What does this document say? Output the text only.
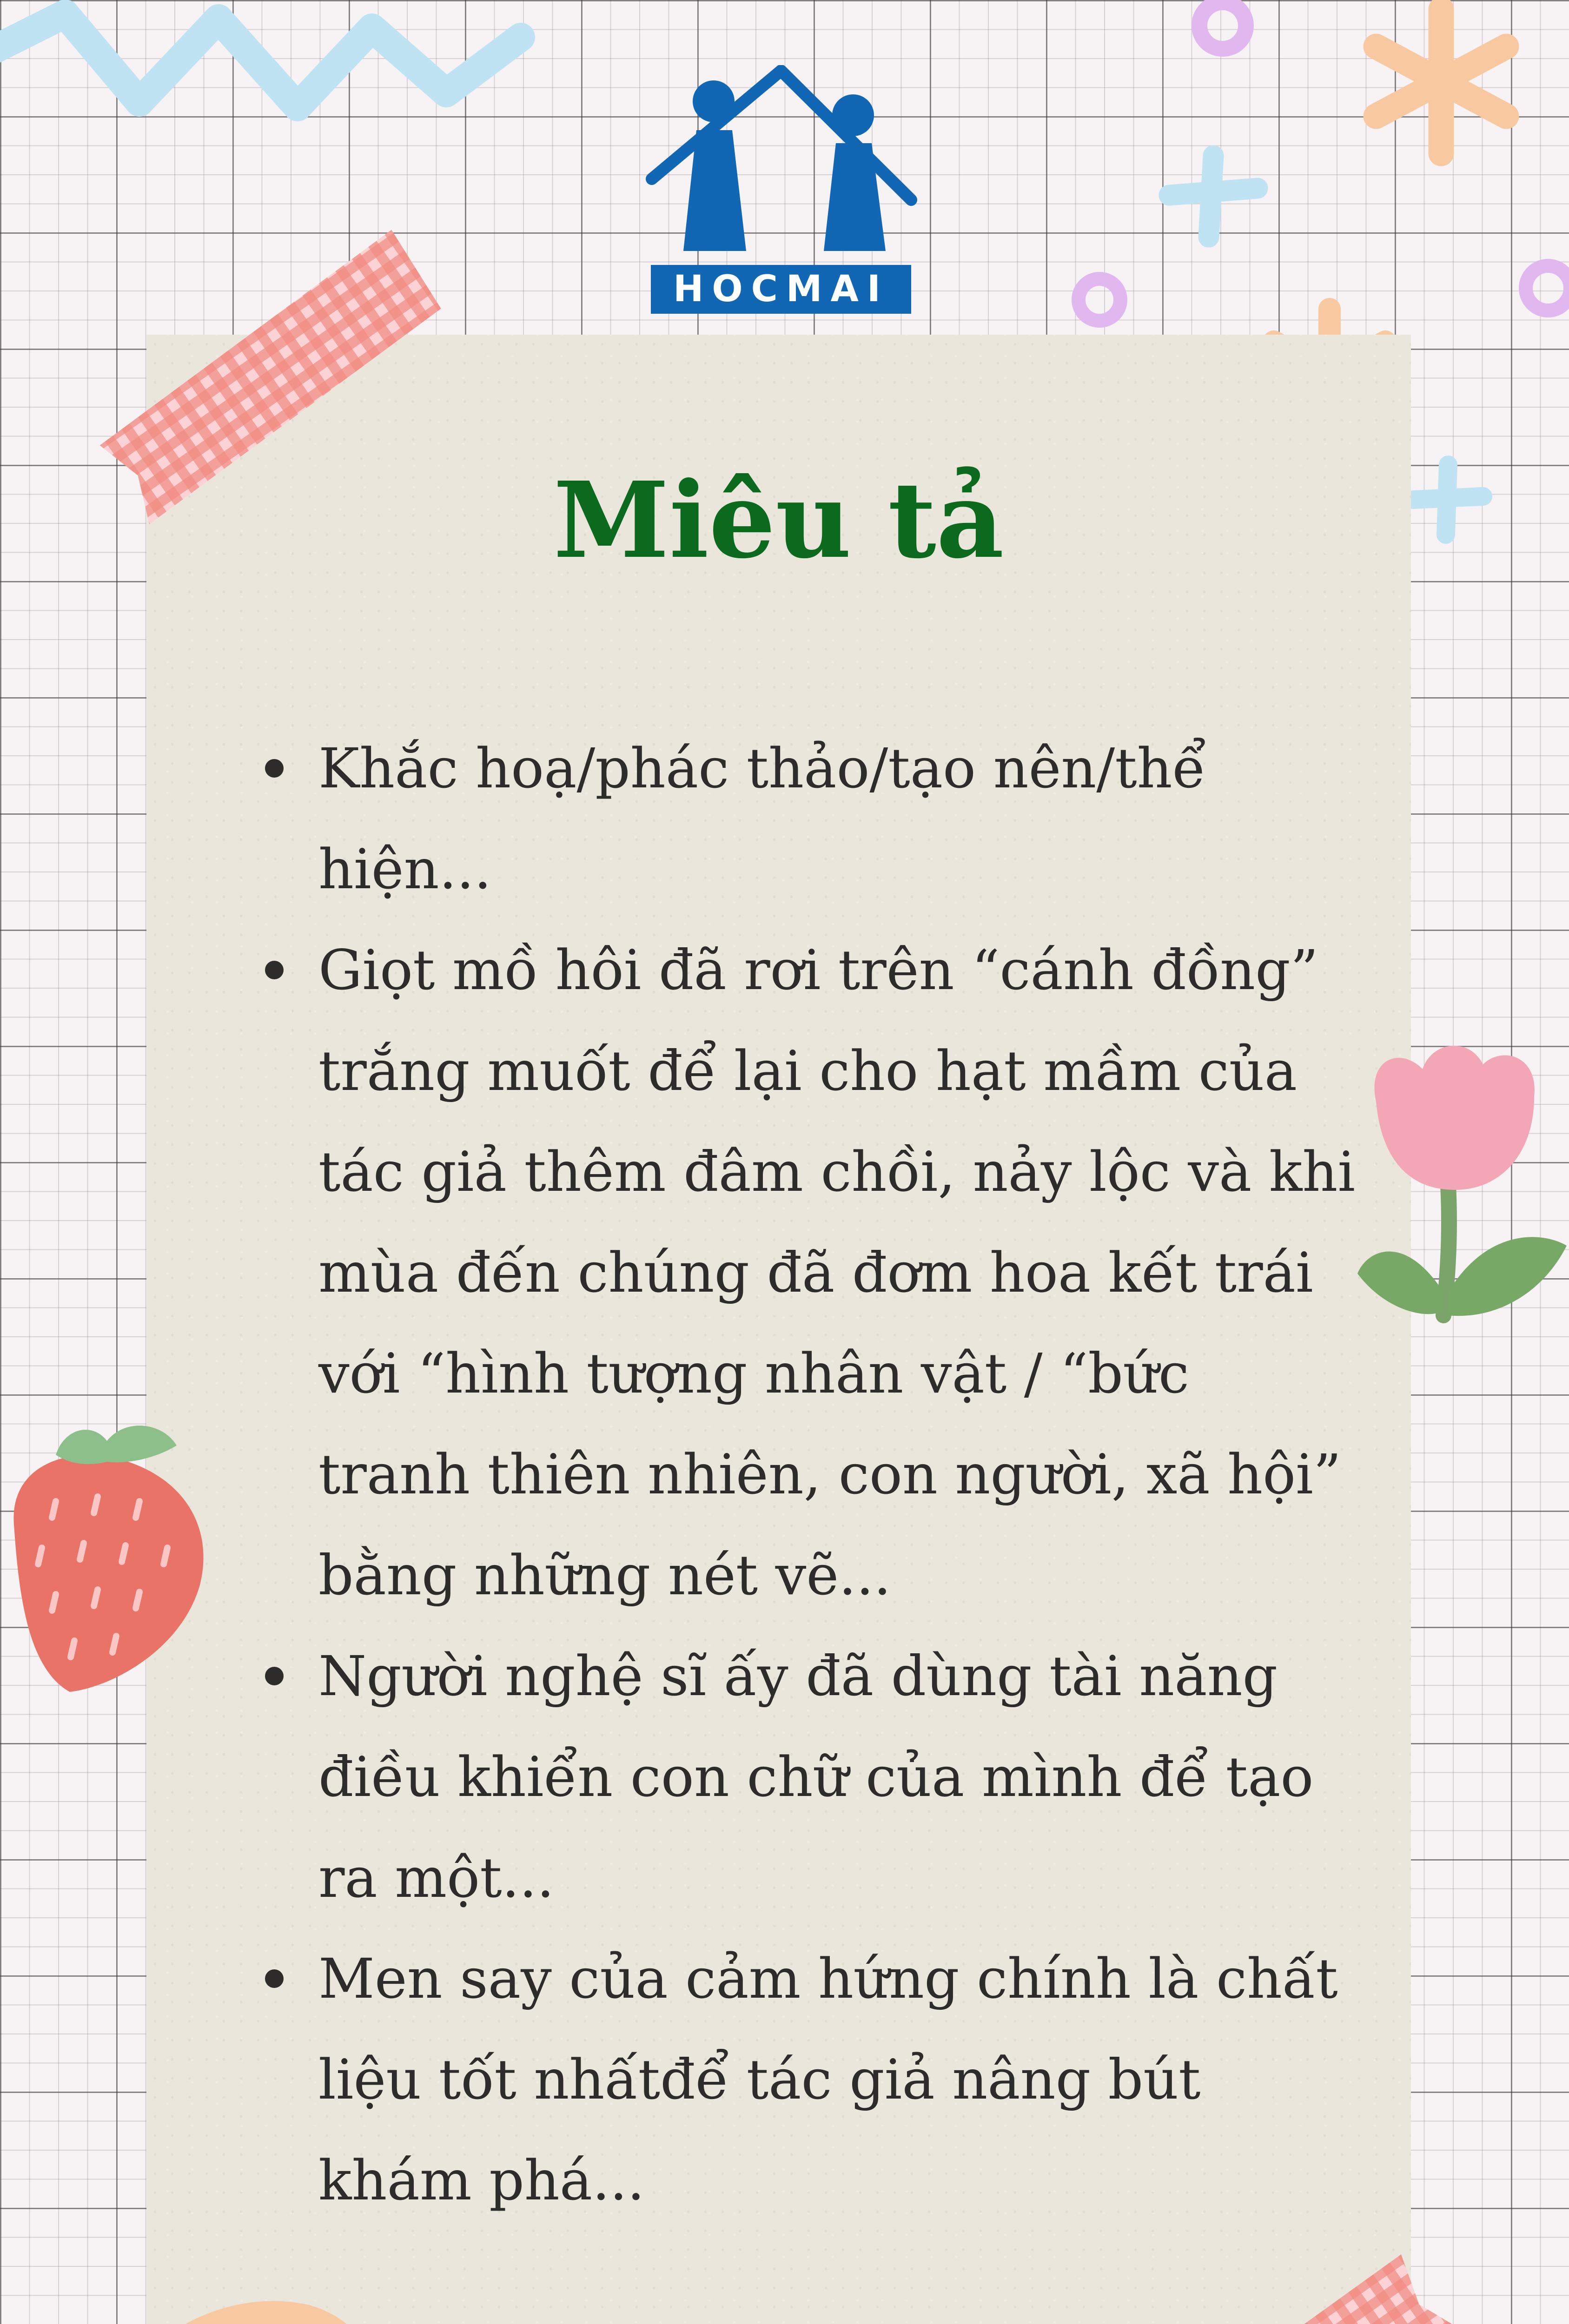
HOCMAI
Miêu tả
Khắc hoạ/phác thảo/tạo nên/thể hiện...
Giọt mồ hôi đã rơi trên “cánh đồng” trắng muốt để lại cho hạt mầm của tác giả thêm đâm chồi, nảy lộc và khi mùa đến chúng đã đơm hoa kết trái với “hình tượng nhân vật / “bức tranh thiên nhiên, con người, xã hội” bằng những nét vẽ...
Người nghệ sĩ ấy đã dùng tài năng điều khiển con chữ của mình để tạo ra một...
Men say của cảm hứng chính là chất liệu tốt nhấtđể tác giả nâng bút khám phá...
